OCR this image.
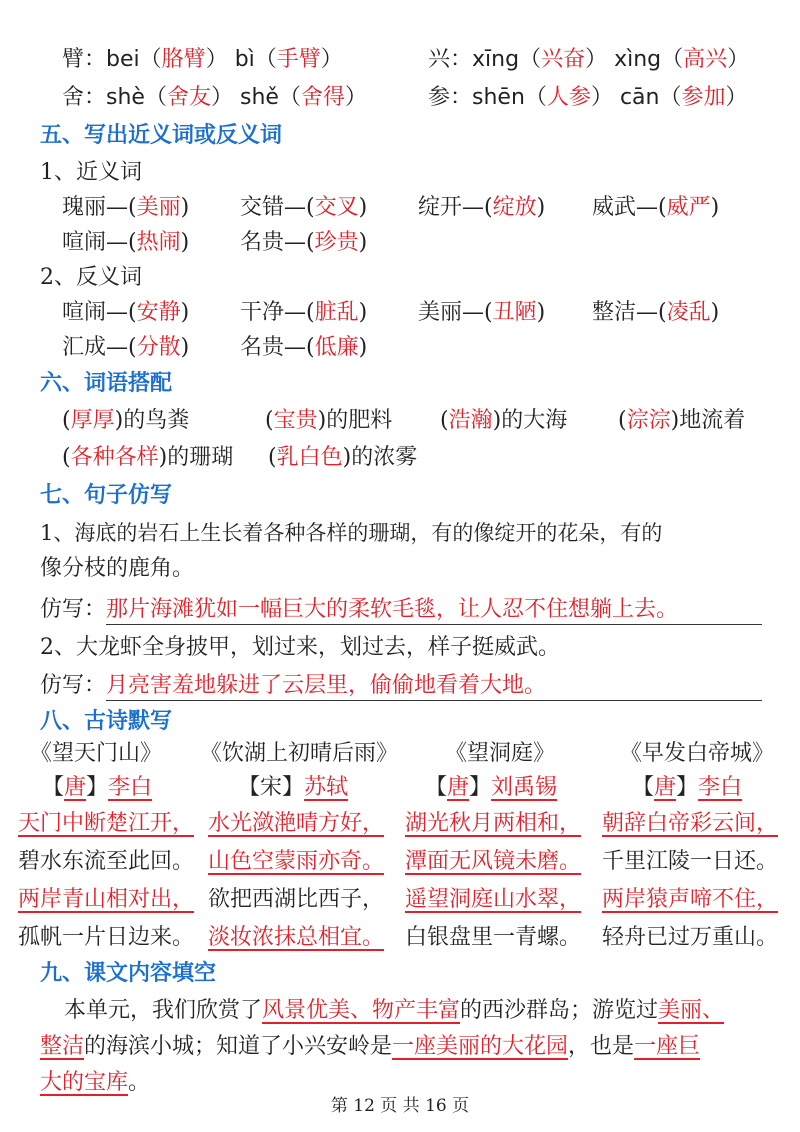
臂：bei（胳臂） bì（手臂）	兴：xīng（兴奋） xìng（高兴）
舍：shè（舍友） shě（舍得）	参：shēn（人参） cān（参加）
五、写出近义词或反义词
1、近义词
瑰丽—(美丽) 交错—(交叉) 绽开—(绽放) 威武—(威严)
喧闹—(热闹) 名贵—(珍贵)
2、反义词
喧闹—(安静) 干净—(脏乱) 美丽—(丑陋) 整洁—(凌乱)
汇成—(分散) 名贵—(低廉)
六、词语搭配
(厚厚)的鸟粪	(宝贵)的肥料 (浩瀚)的大海 (淙淙)地流着
(各种各样)的珊瑚 (乳白色)的浓雾
七、句子仿写
1、海底的岩石上生长着各种各样的珊瑚，有的像绽开的花朵，有的
像分枝的鹿角。
仿写：那片海滩犹如一幅巨大的柔软毛毯，让人忍不住想躺上去。
2、大龙虾全身披甲，划过来，划过去，样子挺威武。
仿写：月亮害羞地躲进了云层里，偷偷地看着大地。
八、古诗默写
《望天门山》 《饮湖上初晴后雨》 《望洞庭》	《早发白帝城》
【唐】李白	【宋】苏轼	【唐】刘禹锡	【唐】李白
天门中断楚江开， 水光潋滟晴方好， 湖光秋月两相和， 朝辞白帝彩云间，
碧水东流至此回。 山色空蒙雨亦奇。 潭面无风镜未磨。 千里江陵一日还。
两岸青山相对出， 欲把西湖比西子， 遥望洞庭山水翠， 两岸猿声啼不住，
孤帆一片日边来。 淡妆浓抹总相宜。 白银盘里一青螺。 轻舟已过万重山。
九、课文内容填空
本单元，我们欣赏了风景优美、物产丰富的西沙群岛；游览过美丽、
整洁的海滨小城；知道了小兴安岭是一座美丽的大花园，也是一座巨
大的宝库。
第 12 页 共 16 页
